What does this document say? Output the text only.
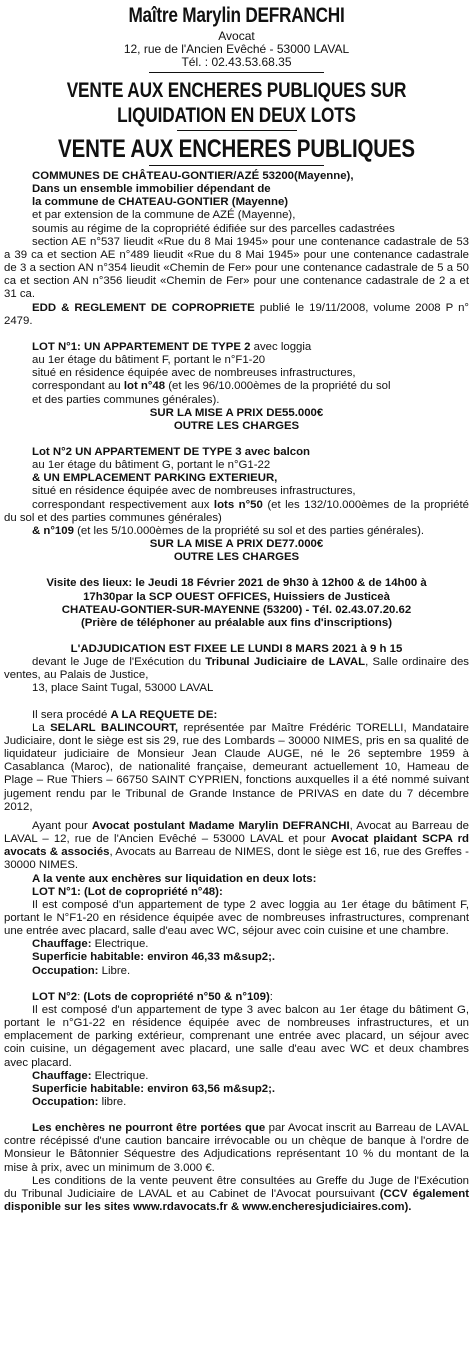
Maître Marylin DEFRANCHI
Avocat
12, rue de l'Ancien Evêché - 53000 LAVAL
Tél. : 02.43.53.68.35
VENTE AUX ENCHERES PUBLIQUES SUR LIQUIDATION EN DEUX LOTS
VENTE AUX ENCHERES PUBLIQUES

COMMUNES DE CHÂTEAU-GONTIER/AZÉ 53200(Mayenne),

Dans un ensemble immobilier dépendant de

la commune de CHATEAU-GONTIER (Mayenne)

et par extension de la commune de AZÉ (Mayenne),

soumis au régime de la copropriété édifiée sur des parcelles cadastrées

section AE n°537 lieudit «Rue du 8 Mai 1945» pour une contenance cadastrale de 53 a 39 ca et section AE n°489 lieudit «Rue du 8 Mai 1945» pour une contenance cadastrale de 3 a section AN n°354 lieudit «Chemin de Fer» pour une contenance cadastrale de 5 a 50 ca et section AN n°356 lieudit «Chemin de Fer» pour une contenance cadastrale de 2 a et 31 ca.

EDD & REGLEMENT DE COPROPRIETE publié le 19/11/2008, volume 2008 P n° 2479.

LOT N°1: UN APPARTEMENT DE TYPE 2 avec loggia

au 1er étage du bâtiment F, portant le n°F1-20

situé en résidence équipée avec de nombreuses infrastructures,

correspondant au lot n°48 (et les 96/10.000èmes de la propriété du sol

et des parties communes générales).

SUR LA MISE A PRIX DE55.000€

OUTRE LES CHARGES

Lot N°2 UN APPARTEMENT DE TYPE 3 avec balcon

au 1er étage du bâtiment G, portant le n°G1-22

& UN EMPLACEMENT PARKING EXTERIEUR,

situé en résidence équipée avec de nombreuses infrastructures,

correspondant respectivement aux lots n°50 (et les 132/10.000èmes de la propriété du sol et des parties communes générales)

& n°109 (et les 5/10.000èmes de la propriété su sol et des parties générales).

SUR LA MISE A PRIX DE77.000€

OUTRE LES CHARGES

Visite des lieux: le Jeudi 18 Février 2021 de 9h30 à 12h00 & de 14h00 à

17h30par la SCP OUEST OFFICES, Huissiers de Justiceà

CHATEAU-GONTIER-SUR-MAYENNE (53200) - Tél. 02.43.07.20.62

(Prière de téléphoner au préalable aux fins d'inscriptions)

L'ADJUDICATION EST FIXEE LE LUNDI 8 MARS 2021 à 9 h 15

devant le Juge de l'Exécution du Tribunal Judiciaire de LAVAL, Salle ordinaire des ventes, au Palais de Justice,

13, place Saint Tugal, 53000 LAVAL

Il sera procédé A LA REQUETE DE:

La SELARL BALINCOURT, représentée par Maître Frédéric TORELLI, Mandataire Judiciaire, dont le siège est sis 29, rue des Lombards – 30000 NIMES, pris en sa qualité de liquidateur judiciaire de Monsieur Jean Claude AUGE, né le 26 septembre 1959 à Casablanca (Maroc), de nationalité française, demeurant actuellement 10, Hameau de Plage – Rue Thiers – 66750 SAINT CYPRIEN, fonctions auxquelles il a été nommé suivant jugement rendu par le Tribunal de Grande Instance de PRIVAS en date du 7 décembre 2012,

Ayant pour Avocat postulant Madame Marylin DEFRANCHI, Avocat au Barreau de LAVAL – 12, rue de l'Ancien Evêché – 53000 LAVAL et pour Avocat plaidant SCPA rd avocats & associés, Avocats au Barreau de NIMES, dont le siège est 16, rue des Greffes - 30000 NIMES.

A la vente aux enchères sur liquidation en deux lots:

LOT N°1: (Lot de copropriété n°48):

Il est composé d'un appartement de type 2 avec loggia au 1er étage du bâtiment F, portant le N°F1-20 en résidence équipée avec de nombreuses infrastructures, comprenant une entrée avec placard, salle d'eau avec WC, séjour avec coin cuisine et une chambre.

Chauffage: Electrique.

Superficie habitable: environ 46,33 m&sup2;.

Occupation: Libre.

LOT N°2: (Lots de copropriété n°50 & n°109):

Il est composé d'un appartement de type 3 avec balcon au 1er étage du bâtiment G, portant le n°G1-22 en résidence équipée avec de nombreuses infrastructures, et un emplacement de parking extérieur, comprenant une entrée avec placard, un séjour avec coin cuisine, un dégagement avec placard, une salle d'eau avec WC et deux chambres avec placard.

Chauffage: Electrique.

Superficie habitable: environ 63,56 m&sup2;.

Occupation: libre.

Les enchères ne pourront être portées que par Avocat inscrit au Barreau de LAVAL contre récépissé d'une caution bancaire irrévocable ou un chèque de banque à l'ordre de Monsieur le Bâtonnier Séquestre des Adjudications représentant 10 % du montant de la mise à prix, avec un minimum de 3.000 €.

Les conditions de la vente peuvent être consultées au Greffe du Juge de l'Exécution du Tribunal Judiciaire de LAVAL et au Cabinet de l'Avocat poursuivant (CCV également disponible sur les sites www.rdavocats.fr & www.encheresjudiciaires.com).
